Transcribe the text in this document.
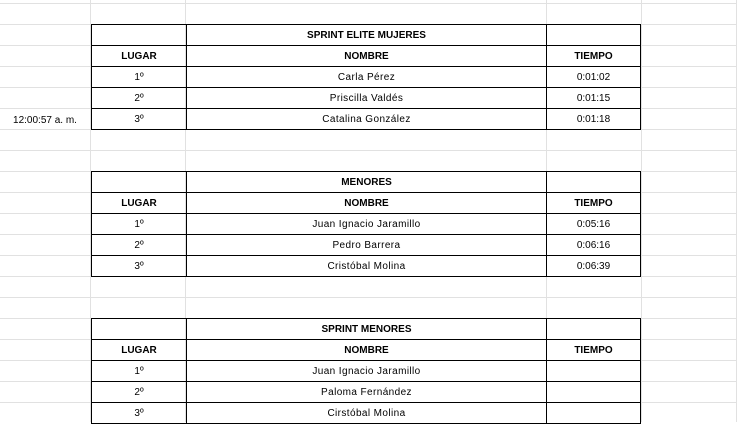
12:00:57 a. m.
SPRINT ELITE MUJERES
LUGAR	NOMBRE	TIEMPO
1º	Carla Pérez	0:01:02
2º	Priscilla Valdés	0:01:15
3º	Catalina González	0:01:18
MENORES
LUGAR	NOMBRE	TIEMPO
1º	Juan Ignacio Jaramillo	0:05:16
2º	Pedro Barrera	0:06:16
3º	Cristóbal Molina	0:06:39
SPRINT MENORES
LUGAR	NOMBRE	TIEMPO
1º	Juan Ignacio Jaramillo
2º	Paloma Fernández
3º	Cirstóbal Molina
